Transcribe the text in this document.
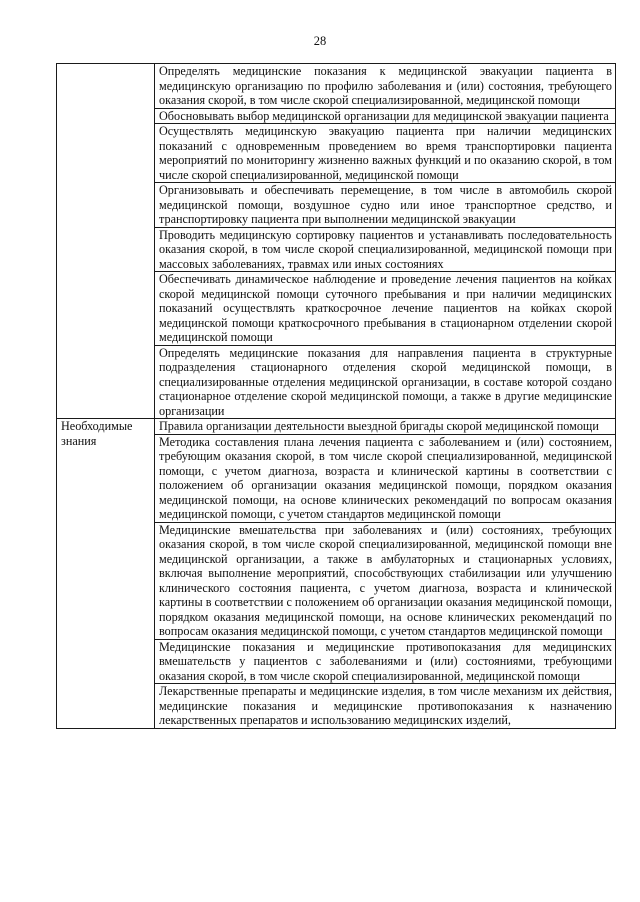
28
	Определять медицинские показания к медицинской эвакуации пациента в медицинскую организацию по профилю заболевания и (или) состояния, требующего оказания скорой, в том числе скорой специализированной, медицинской помощи
	Обосновывать выбор медицинской организации для медицинской эвакуации пациента
	Осуществлять медицинскую эвакуацию пациента при наличии медицинских показаний с одновременным проведением во время транспортировки пациента мероприятий по мониторингу жизненно важных функций и по оказанию скорой, в том числе скорой специализированной, медицинской помощи
	Организовывать и обеспечивать перемещение, в том числе в автомобиль скорой медицинской помощи, воздушное судно или иное транспортное средство, и транспортировку пациента при выполнении медицинской эвакуации
	Проводить медицинскую сортировку пациентов и устанавливать последовательность оказания скорой, в том числе скорой специализированной, медицинской помощи при массовых заболеваниях, травмах или иных состояниях
	Обеспечивать динамическое наблюдение и проведение лечения пациентов на койках скорой медицинской помощи суточного пребывания и при наличии медицинских показаний осуществлять краткосрочное лечение пациентов на койках скорой медицинской помощи краткосрочного пребывания в стационарном отделении скорой медицинской помощи
	Определять медицинские показания для направления пациента в структурные подразделения стационарного отделения скорой медицинской помощи, в специализированные отделения медицинской организации, в составе которой создано стационарное отделение скорой медицинской помощи, а также в другие медицинские организации
Необходимые знания	Правила организации деятельности выездной бригады скорой медицинской помощи
	Методика составления плана лечения пациента с заболеванием и (или) состоянием, требующим оказания скорой, в том числе скорой специализированной, медицинской помощи, с учетом диагноза, возраста и клинической картины в соответствии с положением об организации оказания медицинской помощи, порядком оказания медицинской помощи, на основе клинических рекомендаций по вопросам оказания медицинской помощи, с учетом стандартов медицинской помощи
	Медицинские вмешательства при заболеваниях и (или) состояниях, требующих оказания скорой, в том числе скорой специализированной, медицинской помощи вне медицинской организации, а также в амбулаторных и стационарных условиях, включая выполнение мероприятий, способствующих стабилизации или улучшению клинического состояния пациента, с учетом диагноза, возраста и клинической картины в соответствии с положением об организации оказания медицинской помощи, порядком оказания медицинской помощи, на основе клинических рекомендаций по вопросам оказания медицинской помощи, с учетом стандартов медицинской помощи
	Медицинские показания и медицинские противопоказания для медицинских вмешательств у пациентов с заболеваниями и (или) состояниями, требующими оказания скорой, в том числе скорой специализированной, медицинской помощи
	Лекарственные препараты и медицинские изделия, в том числе механизм их действия, медицинские показания и медицинские противопоказания к назначению лекарственных препаратов и использованию медицинских изделий,
